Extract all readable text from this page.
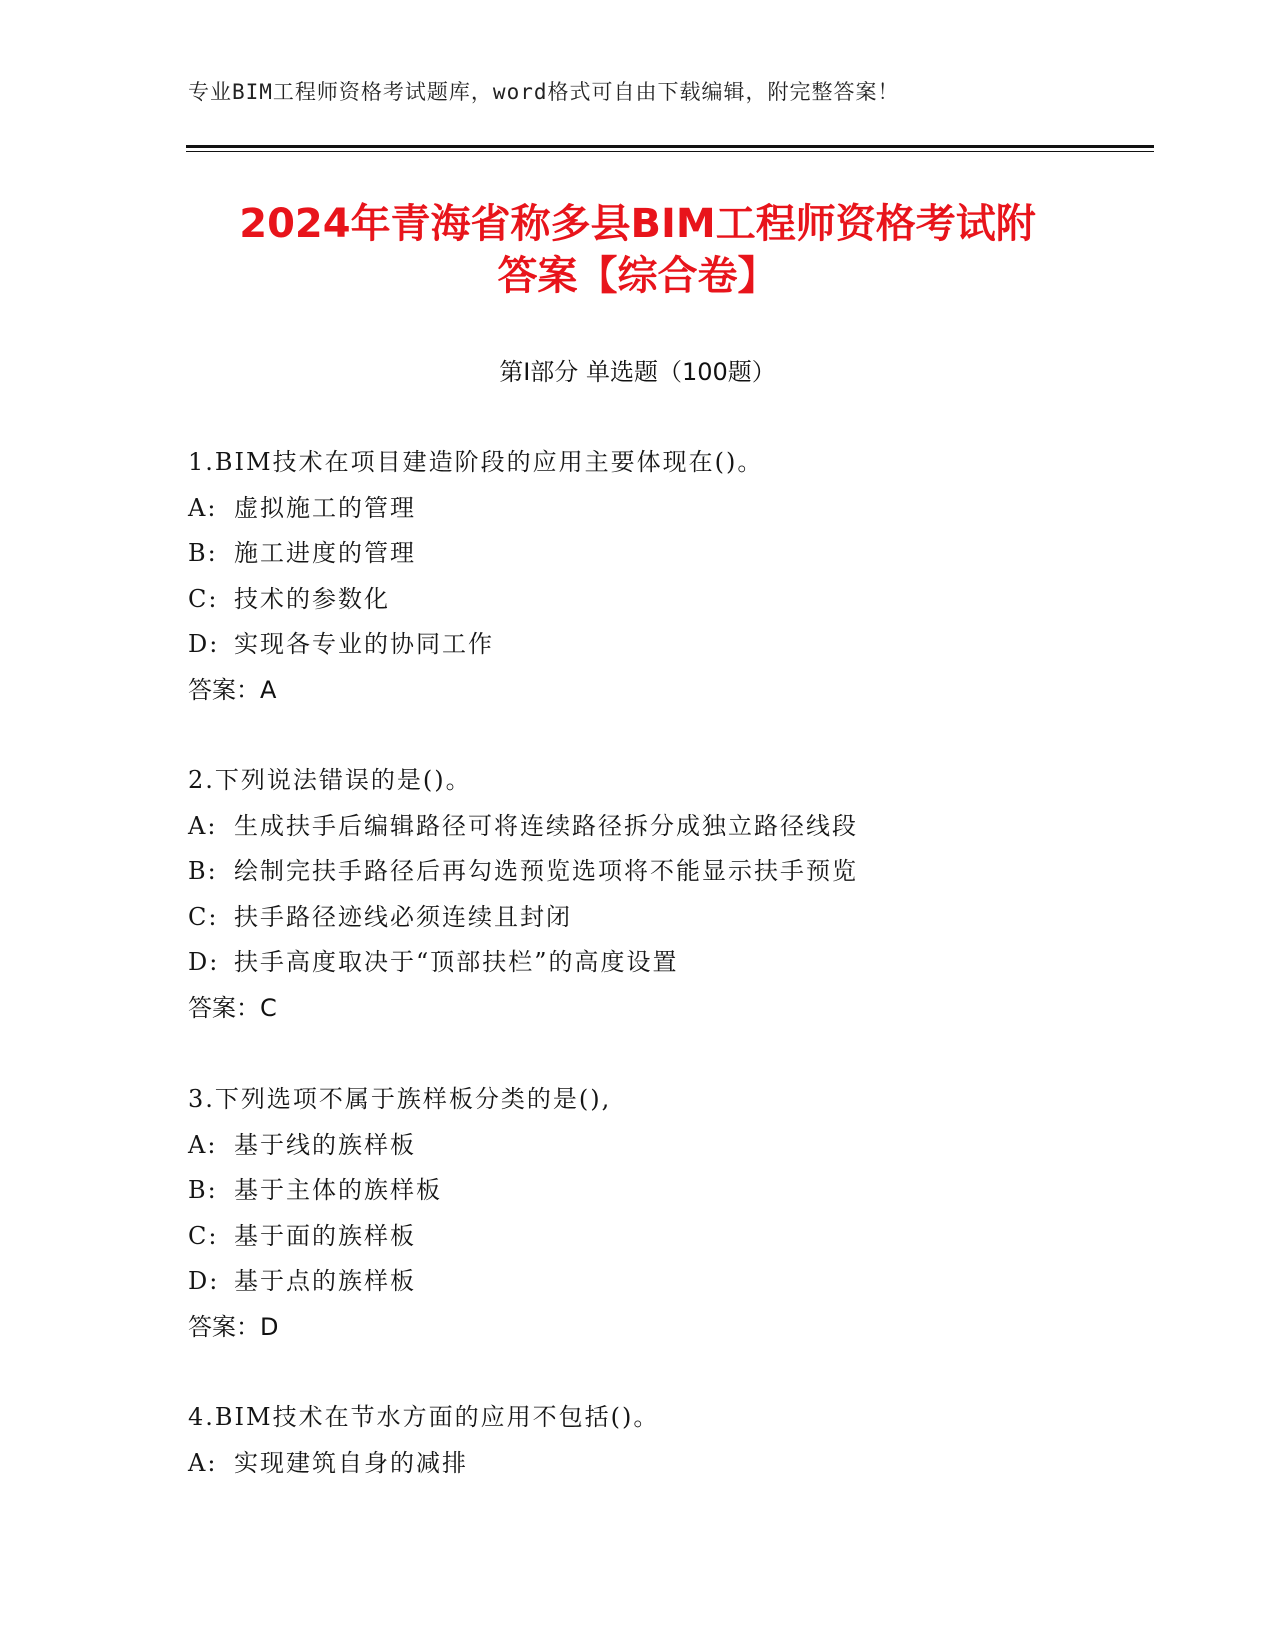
专业BIM工程师资格考试题库，word格式可自由下载编辑，附完整答案！
2024年青海省称多县BIM工程师资格考试附
答案【综合卷】
第Ⅰ部分 单选题（100题）
1.BIM技术在项目建造阶段的应用主要体现在()。
A: 虚拟施工的管理
B: 施工进度的管理
C: 技术的参数化
D: 实现各专业的协同工作
答案：A
2.下列说法错误的是()。
A: 生成扶手后编辑路径可将连续路径拆分成独立路径线段
B: 绘制完扶手路径后再勾选预览选项将不能显示扶手预览
C: 扶手路径迹线必须连续且封闭
D: 扶手高度取决于“顶部扶栏”的高度设置
答案：C
3.下列选项不属于族样板分类的是(),
A: 基于线的族样板
B: 基于主体的族样板
C: 基于面的族样板
D: 基于点的族样板
答案：D
4.BIM技术在节水方面的应用不包括()。
A: 实现建筑自身的减排
